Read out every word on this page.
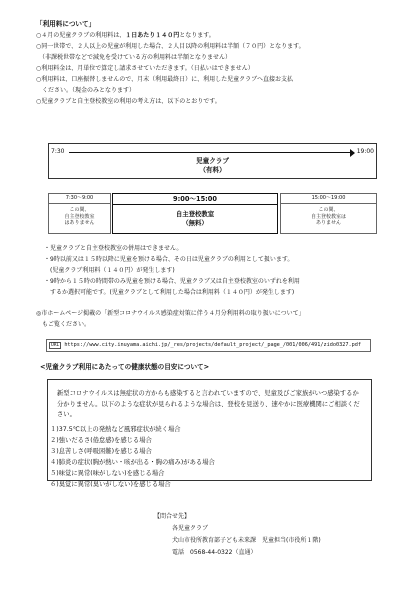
「利用料について」
○４月の児童クラブの利用料は、１日あたり１４０円となります。
○同一世帯で、２人以上の児童が利用した場合、２人目以降の利用料は半額（７０円）となります。
　（非課税世帯などで減免を受けている方の利用料は半額となりません）
○利用料金は、月単位で算定し請求させていただきます。（日払いはできません）
○利用料は、口座振替しませんので、月末（利用最終日）に、利用した児童クラブへ直接お支払
　ください。（現金のみとなります）
○児童クラブと自主登校教室の利用の考え方は、以下のとおりです。
7:30	19:00
児童クラブ
（有料）
7:30〜9:00
この間、
自主登校教室
はありません
9:00〜15:00
自主登校教室
（無料）
15:00〜19:00
この間、
自主登校教室は
ありません
・児童クラブと自主登校教室の併用はできません。
・9時以前又は１５時以降に児童を預ける場合、その日は児童クラブの利用として扱います。
　(児童クラブ利用料（１４０円）が発生します)
・9時から１５時の時間帯のみ児童を預ける場合、児童クラブ又は自主登校教室のいずれを利用
　するか選択可能です。(児童クラブとして利用した場合は利用料（１４０円）が発生します)
◎市ホームページ掲載の「新型コロナウイルス感染症対策に伴う４月分利用料の取り扱いについて」
　もご覧ください。
URL https://www.city.inuyama.aichi.jp/_res/projects/default_project/_page_/001/006/491/zido0327.pdf
<児童クラブ利用にあたっての健康状態の目安について>
新型コロナウイルスは無症状の方からも感染すると言われていますので、児童及びご家族がいつ感染するか分かりません。以下のような症状が見られるような場合は、登校を見送り、速やかに医療機関にご相談ください。
１)37.5℃以上の発熱など風邪症状が続く場合
２)強いだるさ(倦怠感)を感じる場合
３)息苦しさ(呼吸困難)を感じる場合
４)肺炎の症状(胸が熱い・咳が出る・胸の痛み)がある場合
５)味覚に異常(味がしない)を感じる場合
６)臭覚に異常(臭いがしない)を感じる場合
【問合せ先】
各児童クラブ
犬山市役所教育部子ども未来課　児童担当(市役所１階)
電話　0568-44-0322（直通）
